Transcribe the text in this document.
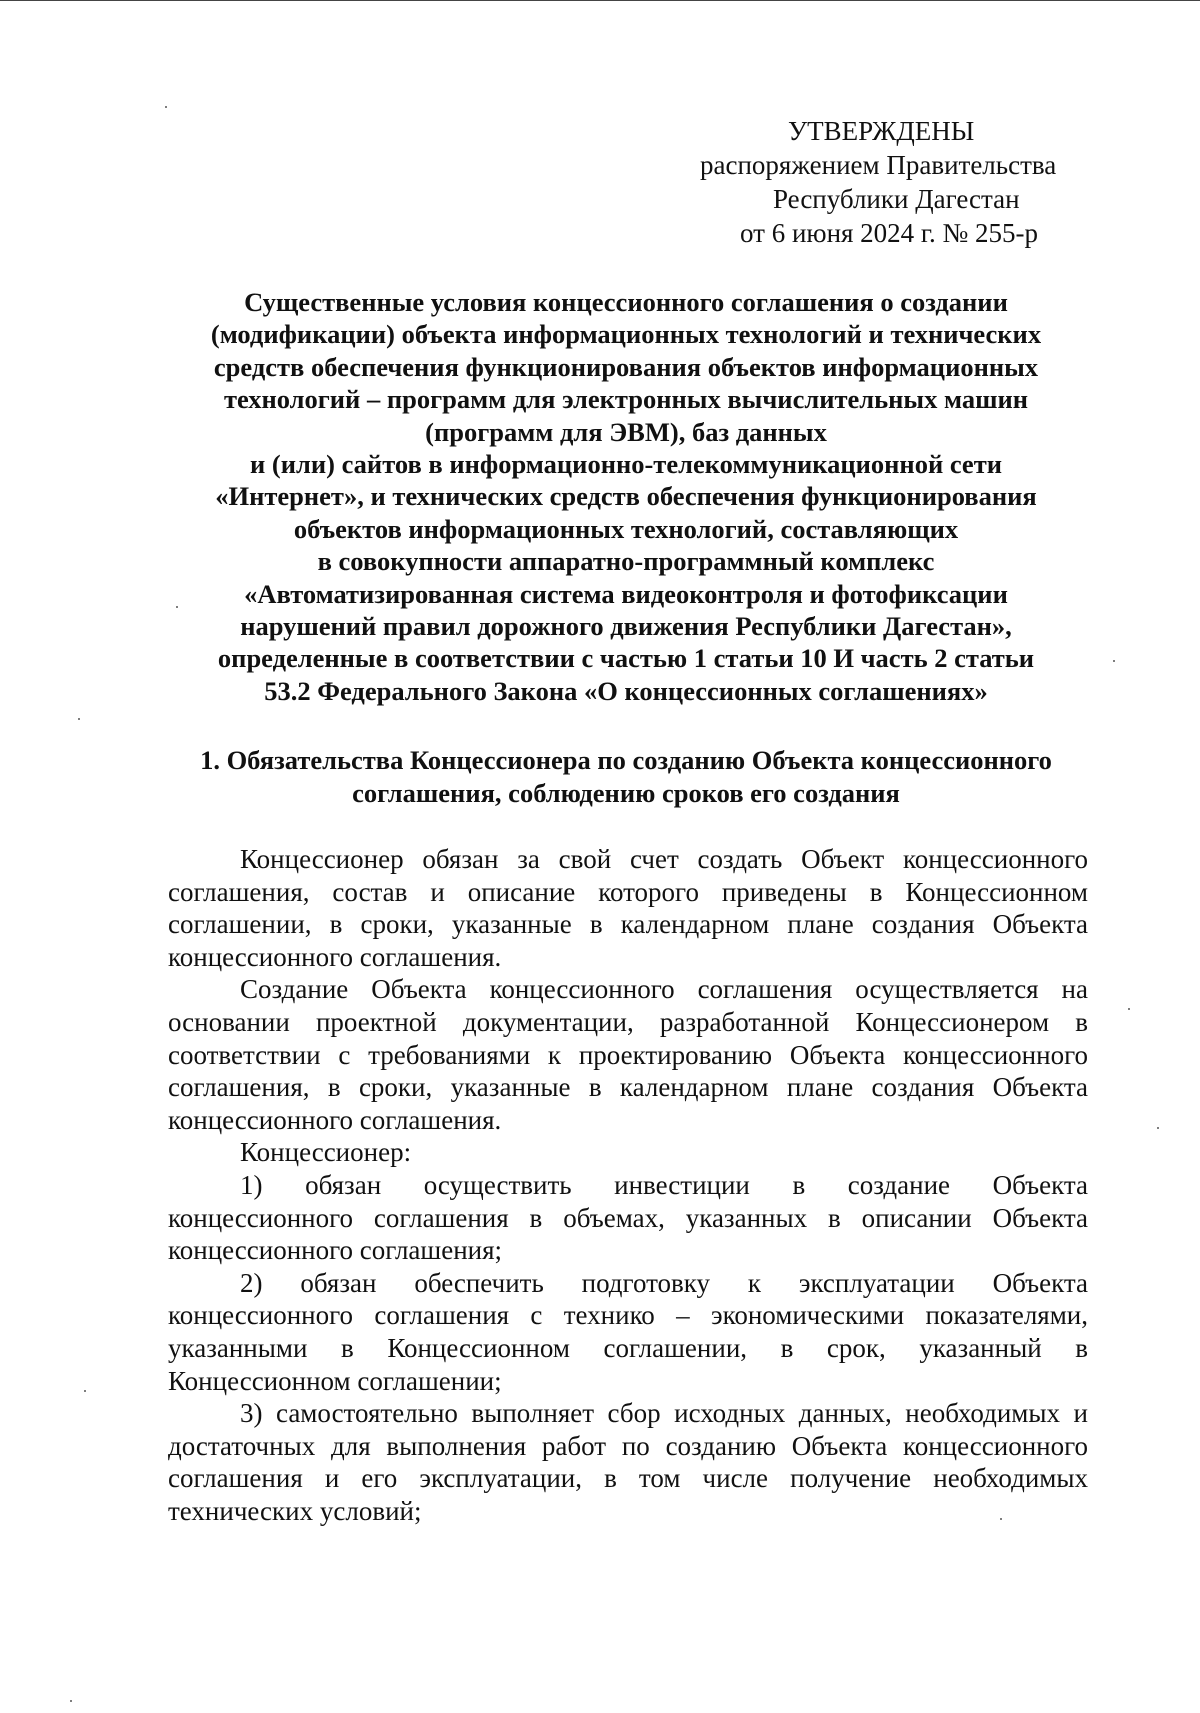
УТВЕРЖДЕНЫ
распоряжением Правительства
Республики Дагестан
от 6 июня 2024 г. № 255-р
Существенные условия концессионного соглашения о создании
(модификации) объекта информационных технологий и технических
средств обеспечения функционирования объектов информационных
технологий – программ для электронных вычислительных машин
(программ для ЭВМ), баз данных
и (или) сайтов в информационно-телекоммуникационной сети
«Интернет», и технических средств обеспечения функционирования
объектов информационных технологий, составляющих
в совокупности аппаратно-программный комплекс
«Автоматизированная система видеоконтроля и фотофиксации
нарушений правил дорожного движения Республики Дагестан»,
определенные в соответствии с частью 1 статьи 10 И часть 2 статьи
53.2 Федерального Закона «О концессионных соглашениях»
1. Обязательства Концессионера по созданию Объекта концессионного
соглашения, соблюдению сроков его создания
Концессионер обязан за свой счет создать Объект концессионного
соглашения, состав и описание которого приведены в Концессионном
соглашении, в сроки, указанные в календарном плане создания Объекта
концессионного соглашения.
Создание Объекта концессионного соглашения осуществляется на
основании проектной документации, разработанной Концессионером в
соответствии с требованиями к проектированию Объекта концессионного
соглашения, в сроки, указанные в календарном плане создания Объекта
концессионного соглашения.
Концессионер:
1) обязан осуществить инвестиции в создание Объекта
концессионного соглашения в объемах, указанных в описании Объекта
концессионного соглашения;
2) обязан обеспечить подготовку к эксплуатации Объекта
концессионного соглашения с технико – экономическими показателями,
указанными в Концессионном соглашении, в срок, указанный в
Концессионном соглашении;
3) самостоятельно выполняет сбор исходных данных, необходимых и
достаточных для выполнения работ по созданию Объекта концессионного
соглашения и его эксплуатации, в том числе получение необходимых
технических условий;
